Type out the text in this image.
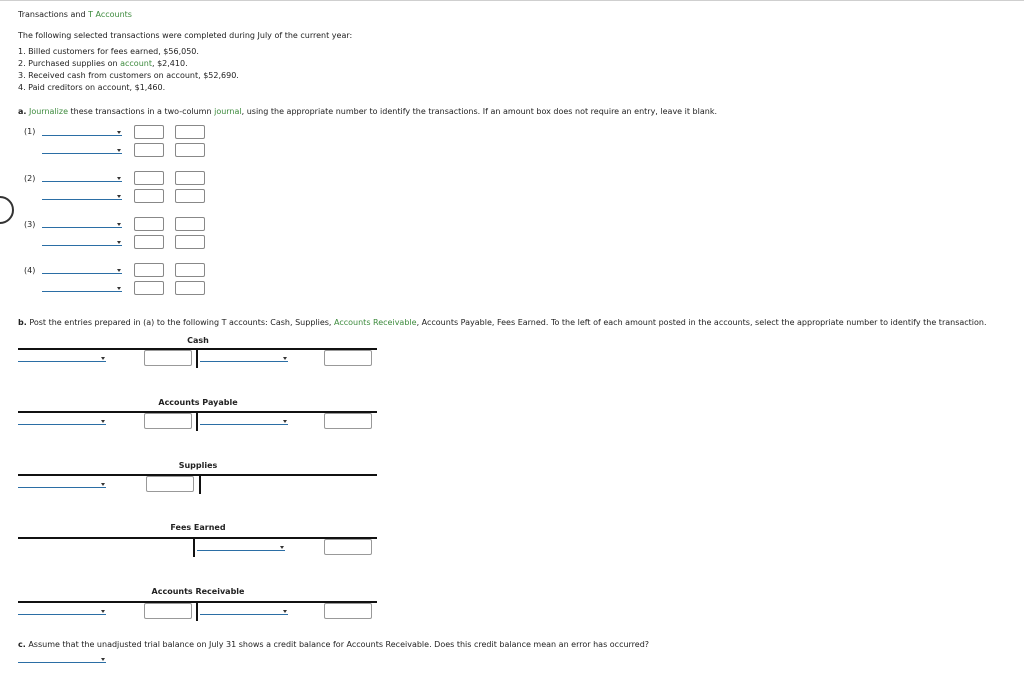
Transactions and T Accounts
The following selected transactions were completed during July of the current year:
1. Billed customers for fees earned, $56,050.
2. Purchased supplies on account, $2,410.
3. Received cash from customers on account, $52,690.
4. Paid creditors on account, $1,460.
a. Journalize these transactions in a two-column journal, using the appropriate number to identify the transactions. If an amount box does not require an entry, leave it blank.
(1)
(2)
(3)
(4)
b. Post the entries prepared in (a) to the following T accounts: Cash, Supplies, Accounts Receivable, Accounts Payable, Fees Earned. To the left of each amount posted in the accounts, select the appropriate number to identify the transaction.
Cash
Accounts Payable
Supplies
Fees Earned
Accounts Receivable
c. Assume that the unadjusted trial balance on July 31 shows a credit balance for Accounts Receivable. Does this credit balance mean an error has occurred?
